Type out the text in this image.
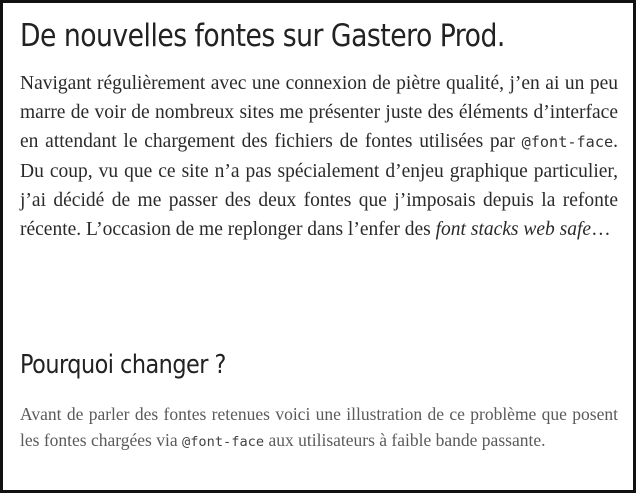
De nouvelles fontes sur Gastero Prod.

Navigant régulièrement avec une connexion de piètre qualité, j’en ai un peu marre de voir de nombreux sites me présenter juste des éléments d’interface en attendant le chargement des fichiers de fontes utilisées par @font-face. Du coup, vu que ce site n’a pas spécialement d’enjeu graphique particulier, j’ai décidé de me passer des deux fontes que j’imposais depuis la refonte récente. L’occasion de me replonger dans l’enfer des font stacks web safe…

Pourquoi changer ?

Avant de parler des fontes retenues voici une illustration de ce problème que posent les fontes chargées via @font-face aux utilisateurs à faible bande passante.
